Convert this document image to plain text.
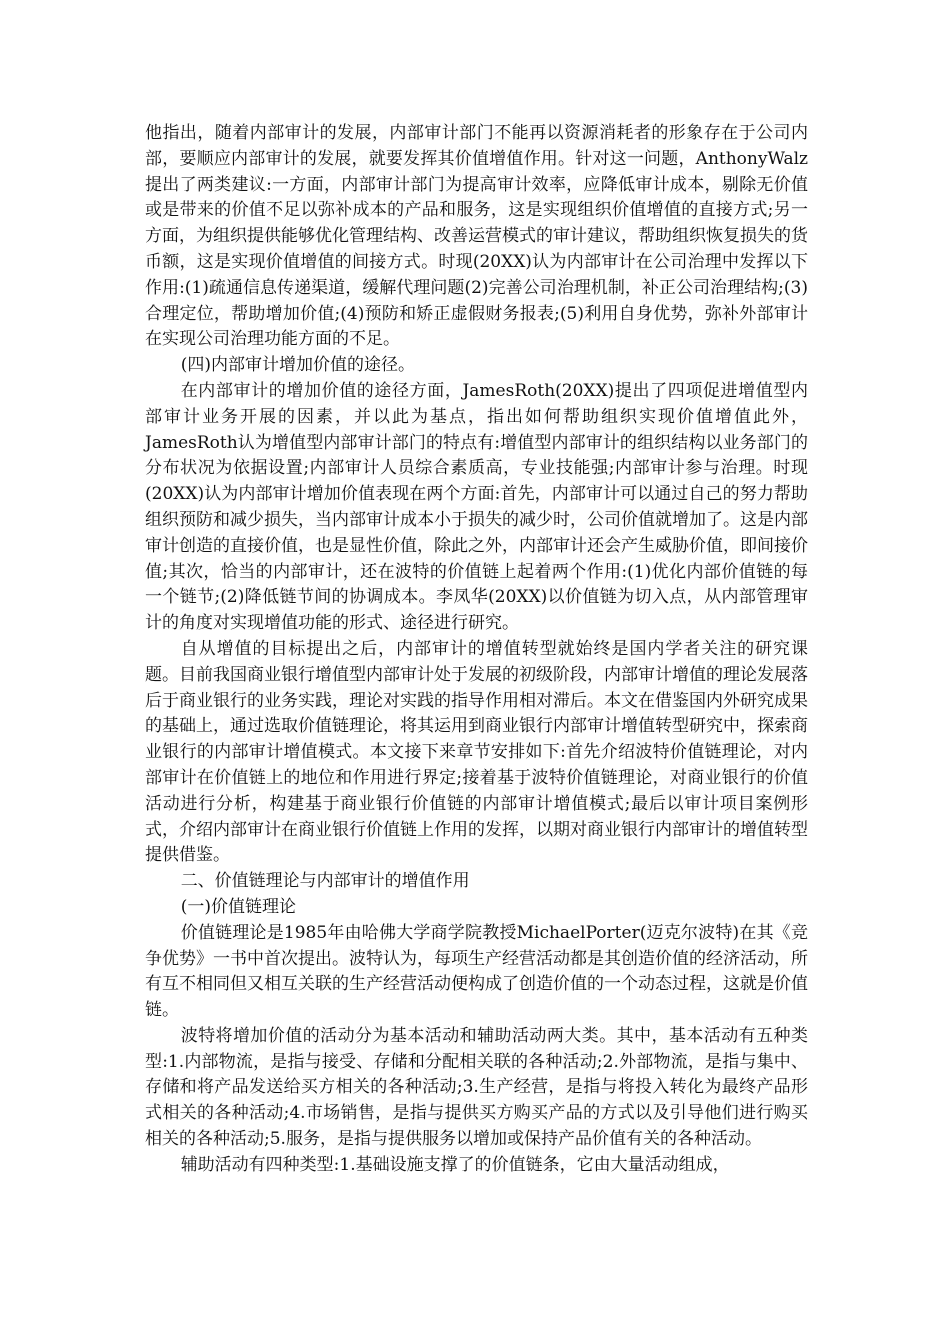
他指出，随着内部审计的发展，内部审计部门不能再以资源消耗者的形象存在于公司内部，要顺应内部审计的发展，就要发挥其价值增值作用。针对这一问题，AnthonyWalz提出了两类建议:一方面，内部审计部门为提高审计效率，应降低审计成本，剔除无价值或是带来的价值不足以弥补成本的产品和服务，这是实现组织价值增值的直接方式;另一方面，为组织提供能够优化管理结构、改善运营模式的审计建议，帮助组织恢复损失的货币额，这是实现价值增值的间接方式。时现(20XX)认为内部审计在公司治理中发挥以下作用:(1)疏通信息传递渠道，缓解代理问题(2)完善公司治理机制，补正公司治理结构;(3)合理定位，帮助增加价值;(4)预防和矫正虚假财务报表;(5)利用自身优势，弥补外部审计在实现公司治理功能方面的不足。

(四)内部审计增加价值的途径。

在内部审计的增加价值的途径方面，JamesRoth(20XX)提出了四项促进增值型内部审计业务开展的因素，并以此为基点，指出如何帮助组织实现价值增值此外，JamesRoth认为增值型内部审计部门的特点有:增值型内部审计的组织结构以业务部门的分布状况为依据设置;内部审计人员综合素质高，专业技能强;内部审计参与治理。时现(20XX)认为内部审计增加价值表现在两个方面:首先，内部审计可以通过自己的努力帮助组织预防和减少损失，当内部审计成本小于损失的减少时，公司价值就增加了。这是内部审计创造的直接价值，也是显性价值，除此之外，内部审计还会产生威胁价值，即间接价值;其次，恰当的内部审计，还在波特的价值链上起着两个作用:(1)优化内部价值链的每一个链节;(2)降低链节间的协调成本。李凤华(20XX)以价值链为切入点，从内部管理审计的角度对实现增值功能的形式、途径进行研究。

自从增值的目标提出之后，内部审计的增值转型就始终是国内学者关注的研究课题。目前我国商业银行增值型内部审计处于发展的初级阶段，内部审计增值的理论发展落后于商业银行的业务实践，理论对实践的指导作用相对滞后。本文在借鉴国内外研究成果的基础上，通过选取价值链理论，将其运用到商业银行内部审计增值转型研究中，探索商业银行的内部审计增值模式。本文接下来章节安排如下:首先介绍波特价值链理论，对内部审计在价值链上的地位和作用进行界定;接着基于波特价值链理论，对商业银行的价值活动进行分析，构建基于商业银行价值链的内部审计增值模式;最后以审计项目案例形式，介绍内部审计在商业银行价值链上作用的发挥，以期对商业银行内部审计的增值转型提供借鉴。

二、价值链理论与内部审计的增值作用

(一)价值链理论

价值链理论是1985年由哈佛大学商学院教授MichaelPorter(迈克尔波特)在其《竞争优势》一书中首次提出。波特认为，每项生产经营活动都是其创造价值的经济活动，所有互不相同但又相互关联的生产经营活动便构成了创造价值的一个动态过程，这就是价值链。

波特将增加价值的活动分为基本活动和辅助活动两大类。其中，基本活动有五种类型:1.内部物流，是指与接受、存储和分配相关联的各种活动;2.外部物流，是指与集中、存储和将产品发送给买方相关的各种活动;3.生产经营，是指与将投入转化为最终产品形式相关的各种活动;4.市场销售，是指与提供买方购买产品的方式以及引导他们进行购买相关的各种活动;5.服务，是指与提供服务以增加或保持产品价值有关的各种活动。

辅助活动有四种类型:1.基础设施支撑了的价值链条，它由大量活动组成，
